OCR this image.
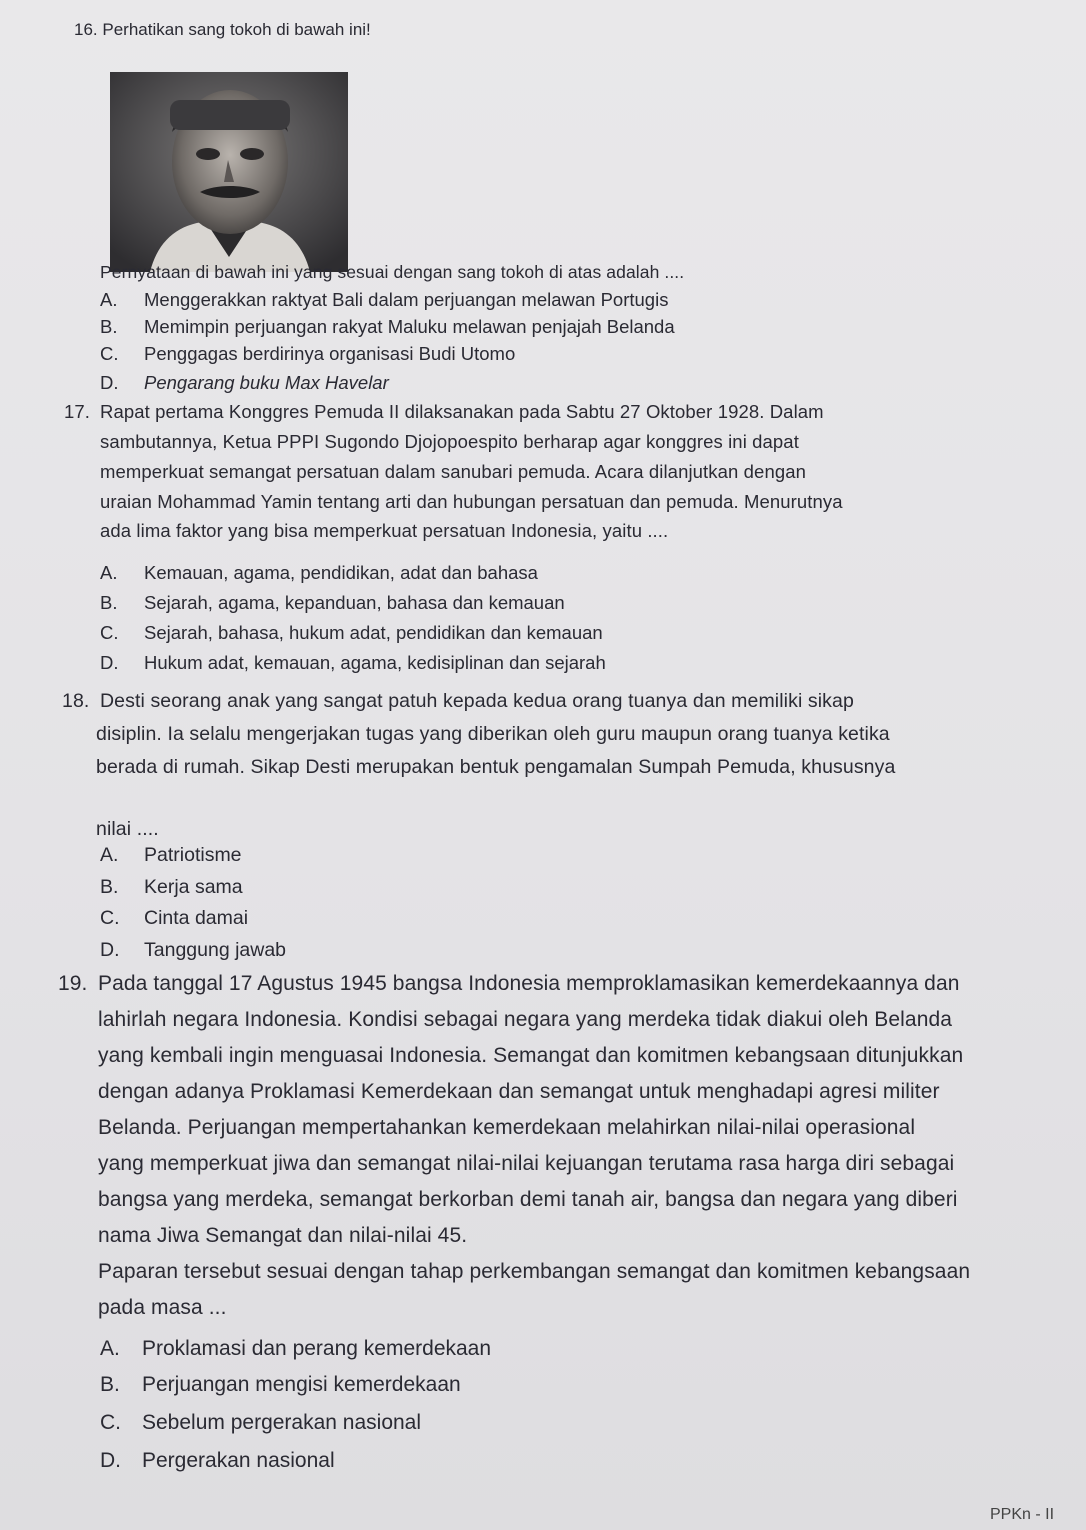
16. Perhatikan sang tokoh di bawah ini!
Pernyataan di bawah ini yang sesuai dengan sang tokoh di atas adalah ....
A. Menggerakkan raktyat Bali dalam perjuangan melawan Portugis
B. Memimpin perjuangan rakyat Maluku melawan penjajah Belanda
C. Penggagas berdirinya organisasi Budi Utomo
D. Pengarang buku Max Havelar
17. Rapat pertama Konggres Pemuda II dilaksanakan pada Sabtu 27 Oktober 1928. Dalam
sambutannya, Ketua PPPI Sugondo Djojopoespito berharap agar konggres ini dapat
memperkuat semangat persatuan dalam sanubari pemuda. Acara dilanjutkan dengan
uraian Mohammad Yamin tentang arti dan hubungan persatuan dan pemuda. Menurutnya
ada lima faktor yang bisa memperkuat persatuan Indonesia, yaitu ....
A. Kemauan, agama, pendidikan, adat dan bahasa
B. Sejarah, agama, kepanduan, bahasa dan kemauan
C. Sejarah, bahasa, hukum adat, pendidikan dan kemauan
D. Hukum adat, kemauan, agama, kedisiplinan dan sejarah
18. Desti seorang anak yang sangat patuh kepada kedua orang tuanya dan memiliki sikap
disiplin. Ia selalu mengerjakan tugas yang diberikan oleh guru maupun orang tuanya ketika
berada di rumah. Sikap Desti merupakan bentuk pengamalan Sumpah Pemuda, khususnya
nilai ....
A. Patriotisme
B. Kerja sama
C. Cinta damai
D. Tanggung jawab
19. Pada tanggal 17 Agustus 1945 bangsa Indonesia memproklamasikan kemerdekaannya dan
lahirlah negara Indonesia. Kondisi sebagai negara yang merdeka tidak diakui oleh Belanda
yang kembali ingin menguasai Indonesia. Semangat dan komitmen kebangsaan ditunjukkan
dengan adanya Proklamasi Kemerdekaan dan semangat untuk menghadapi agresi militer
Belanda. Perjuangan mempertahankan kemerdekaan melahirkan nilai-nilai operasional
yang memperkuat jiwa dan semangat nilai-nilai kejuangan terutama rasa harga diri sebagai
bangsa yang merdeka, semangat berkorban demi tanah air, bangsa dan negara yang diberi
nama Jiwa Semangat dan nilai-nilai 45.
Paparan tersebut sesuai dengan tahap perkembangan semangat dan komitmen kebangsaan
pada masa ...
A. Proklamasi dan perang kemerdekaan
B. Perjuangan mengisi kemerdekaan
C. Sebelum pergerakan nasional
D. Pergerakan nasional
PPKn - II
